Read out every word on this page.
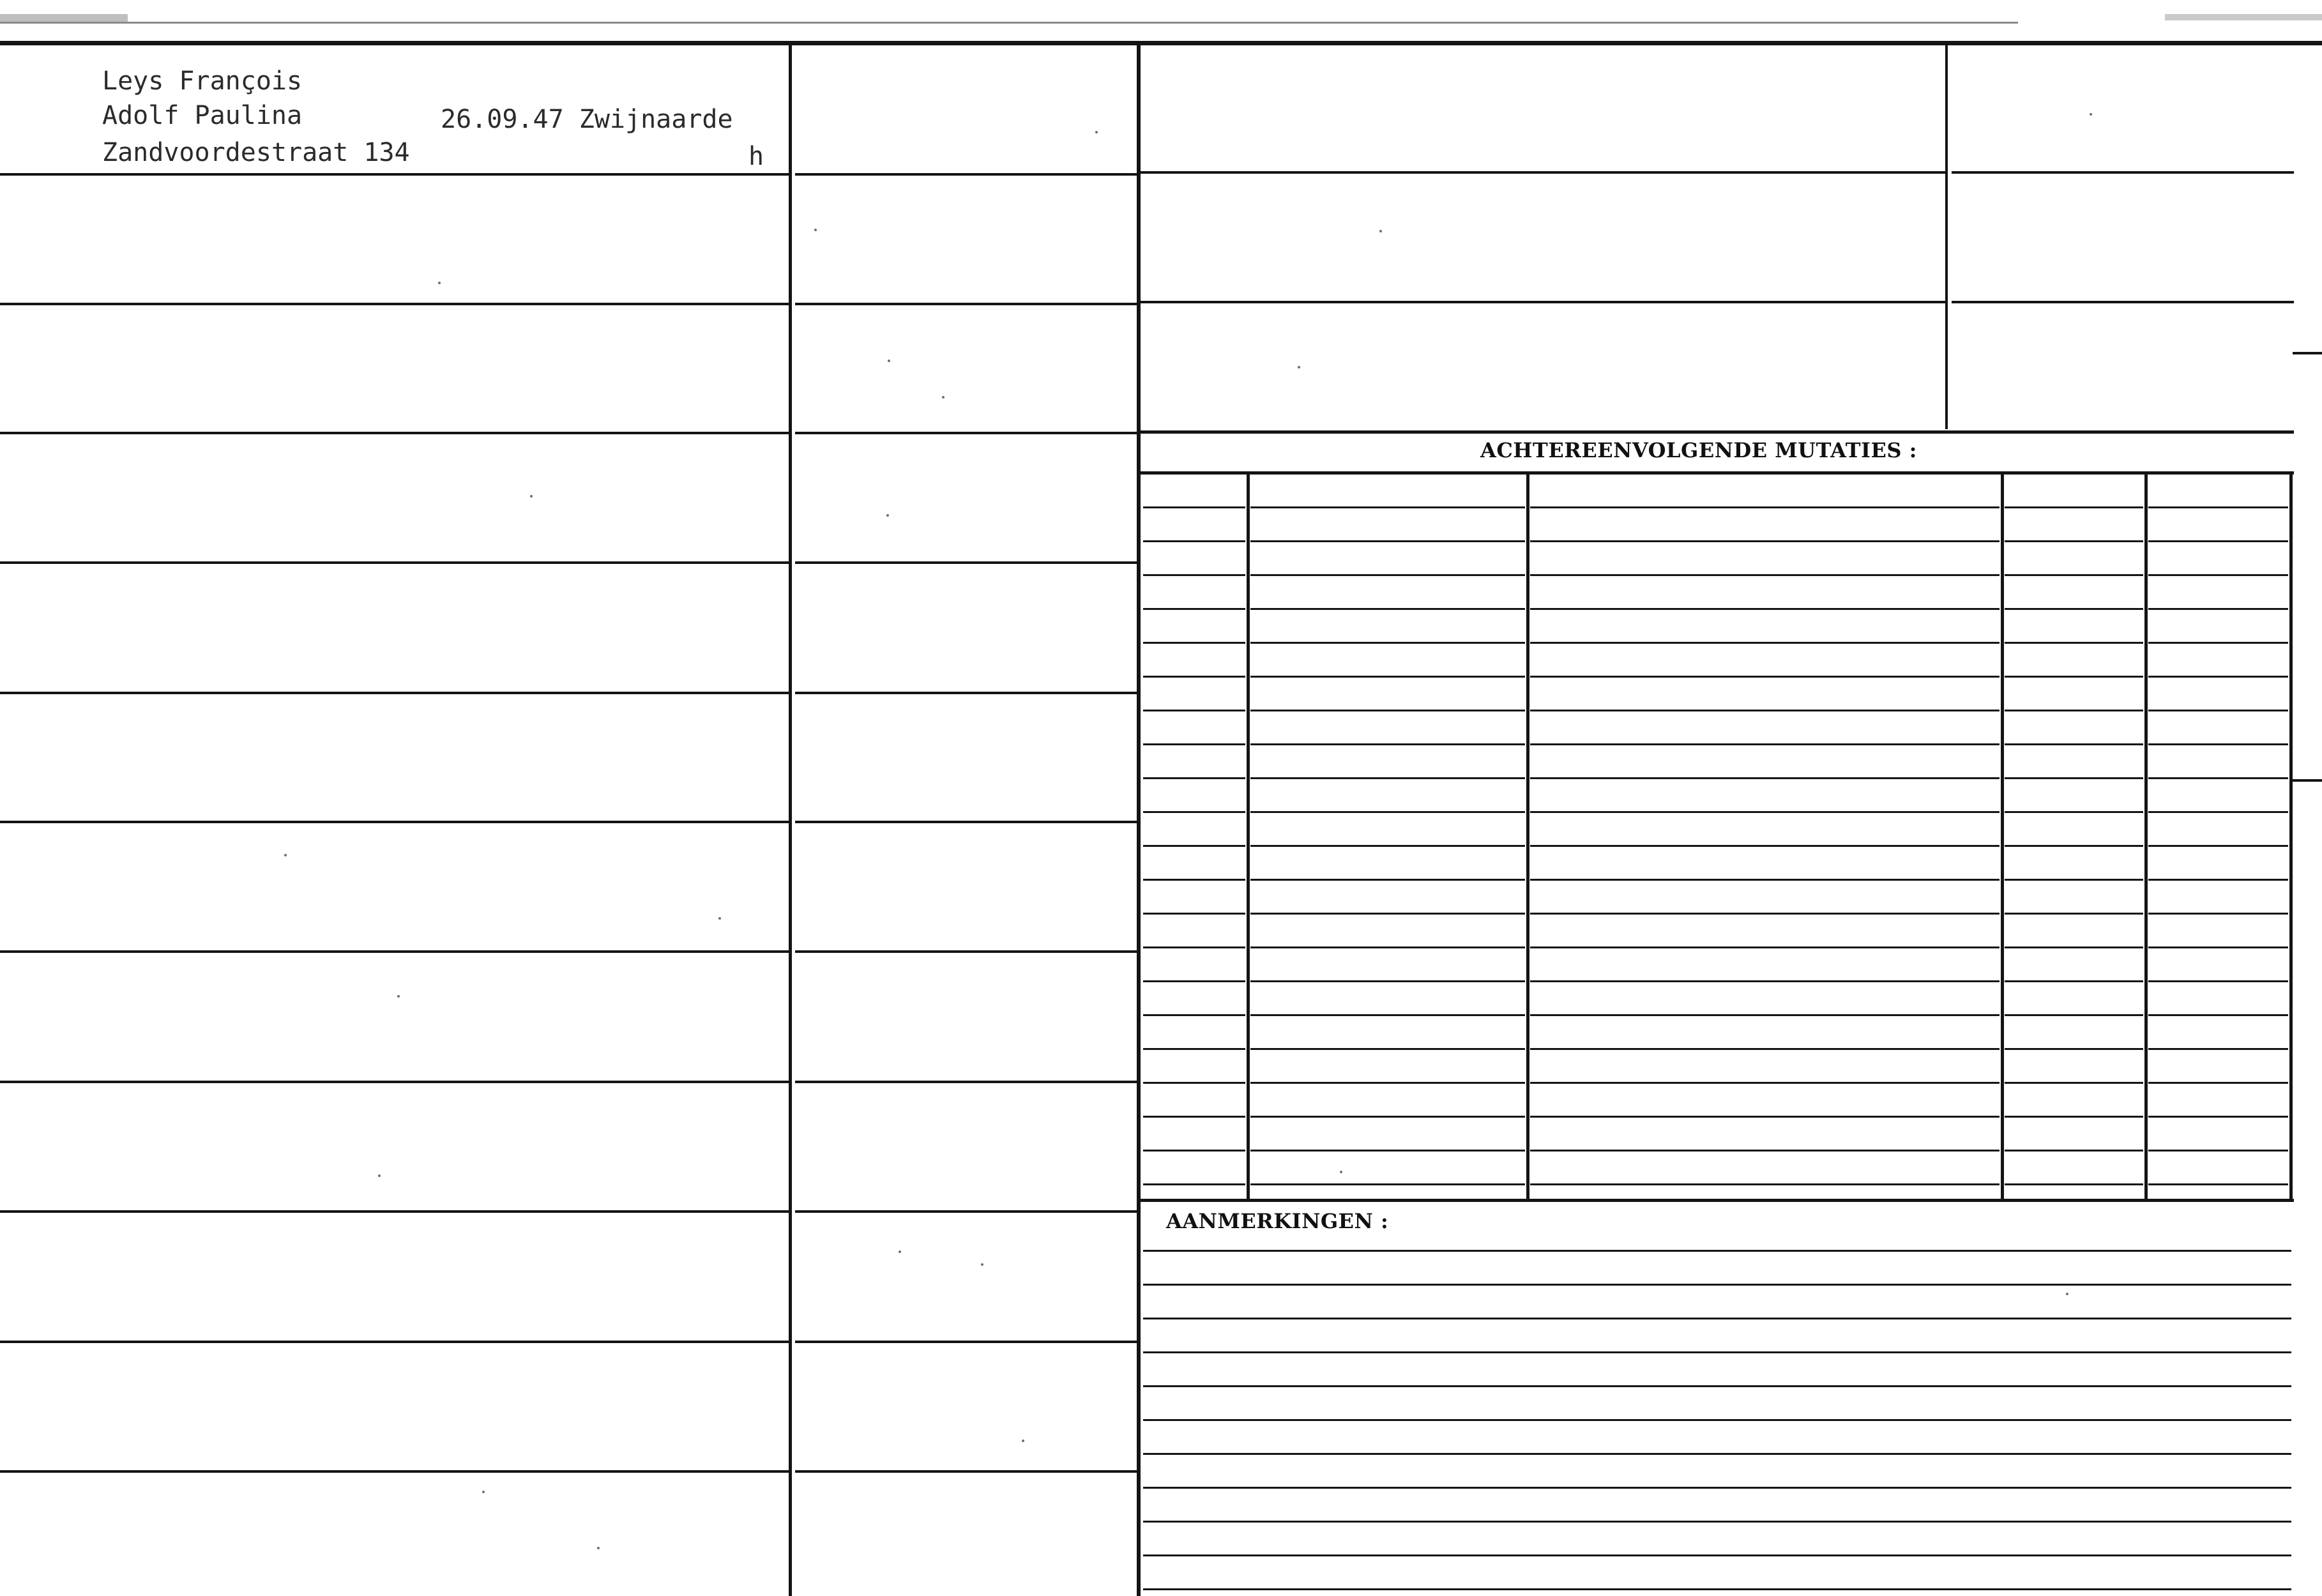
ACHTEREENVOLGENDE MUTATIES :
AANMERKINGEN :
Leys François
Adolf Paulina	26.09.47 Zwijnaarde
Zandvoordestraat 134	h
